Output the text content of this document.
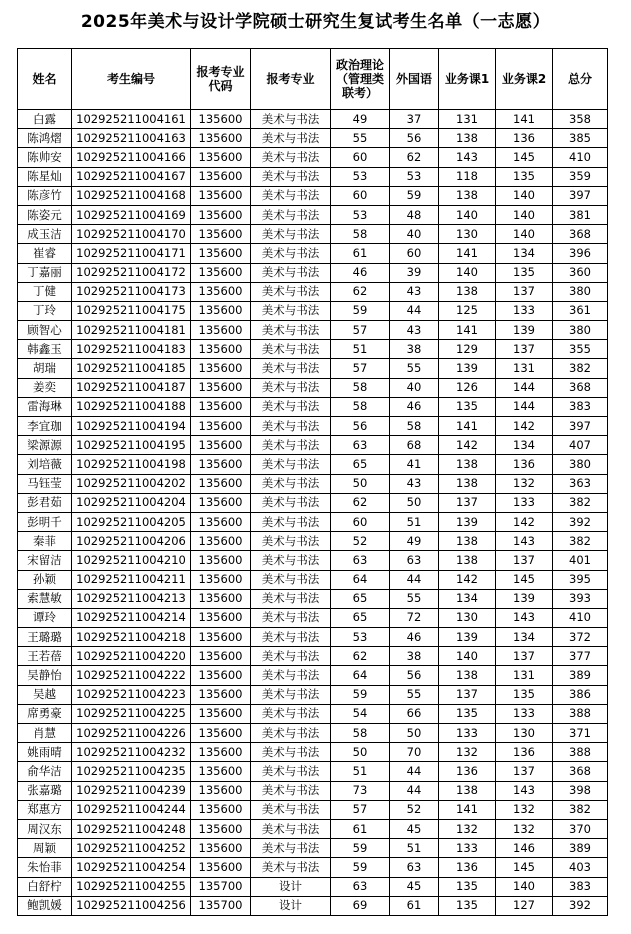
2025年美术与设计学院硕士研究生复试考生名单（一志愿）
姓名	考生编号	报考专业代码	报考专业	政治理论（管理类联考）	外国语	业务课1	业务课2	总分
白露	102925211004161	135600	美术与书法	49	37	131	141	358
陈鸿熠	102925211004163	135600	美术与书法	55	56	138	136	385
陈帅安	102925211004166	135600	美术与书法	60	62	143	145	410
陈星灿	102925211004167	135600	美术与书法	53	53	118	135	359
陈彦竹	102925211004168	135600	美术与书法	60	59	138	140	397
陈姿元	102925211004169	135600	美术与书法	53	48	140	140	381
成玉洁	102925211004170	135600	美术与书法	58	40	130	140	368
崔睿	102925211004171	135600	美术与书法	61	60	141	134	396
丁嘉丽	102925211004172	135600	美术与书法	46	39	140	135	360
丁健	102925211004173	135600	美术与书法	62	43	138	137	380
丁玲	102925211004175	135600	美术与书法	59	44	125	133	361
顾智心	102925211004181	135600	美术与书法	57	43	141	139	380
韩鑫玉	102925211004183	135600	美术与书法	51	38	129	137	355
胡瑞	102925211004185	135600	美术与书法	57	55	139	131	382
姜奕	102925211004187	135600	美术与书法	58	40	126	144	368
雷海琳	102925211004188	135600	美术与书法	58	46	135	144	383
李宜珈	102925211004194	135600	美术与书法	56	58	141	142	397
梁源源	102925211004195	135600	美术与书法	63	68	142	134	407
刘培薇	102925211004198	135600	美术与书法	65	41	138	136	380
马钰莹	102925211004202	135600	美术与书法	50	43	138	132	363
彭君茹	102925211004204	135600	美术与书法	62	50	137	133	382
彭明千	102925211004205	135600	美术与书法	60	51	139	142	392
秦菲	102925211004206	135600	美术与书法	52	49	138	143	382
宋留洁	102925211004210	135600	美术与书法	63	63	138	137	401
孙颖	102925211004211	135600	美术与书法	64	44	142	145	395
索慧敏	102925211004213	135600	美术与书法	65	55	134	139	393
谭玲	102925211004214	135600	美术与书法	65	72	130	143	410
王璐璐	102925211004218	135600	美术与书法	53	46	139	134	372
王若蓓	102925211004220	135600	美术与书法	62	38	140	137	377
吴静怡	102925211004222	135600	美术与书法	64	56	138	131	389
吴越	102925211004223	135600	美术与书法	59	55	137	135	386
席勇豪	102925211004225	135600	美术与书法	54	66	135	133	388
肖慧	102925211004226	135600	美术与书法	58	50	133	130	371
姚雨晴	102925211004232	135600	美术与书法	50	70	132	136	388
俞华洁	102925211004235	135600	美术与书法	51	44	136	137	368
张嘉璐	102925211004239	135600	美术与书法	73	44	138	143	398
郑惠方	102925211004244	135600	美术与书法	57	52	141	132	382
周汉东	102925211004248	135600	美术与书法	61	45	132	132	370
周颖	102925211004252	135600	美术与书法	59	51	133	146	389
朱怡菲	102925211004254	135600	美术与书法	59	63	136	145	403
白舒柠	102925211004255	135700	设计	63	45	135	140	383
鲍凯媛	102925211004256	135700	设计	69	61	135	127	392
